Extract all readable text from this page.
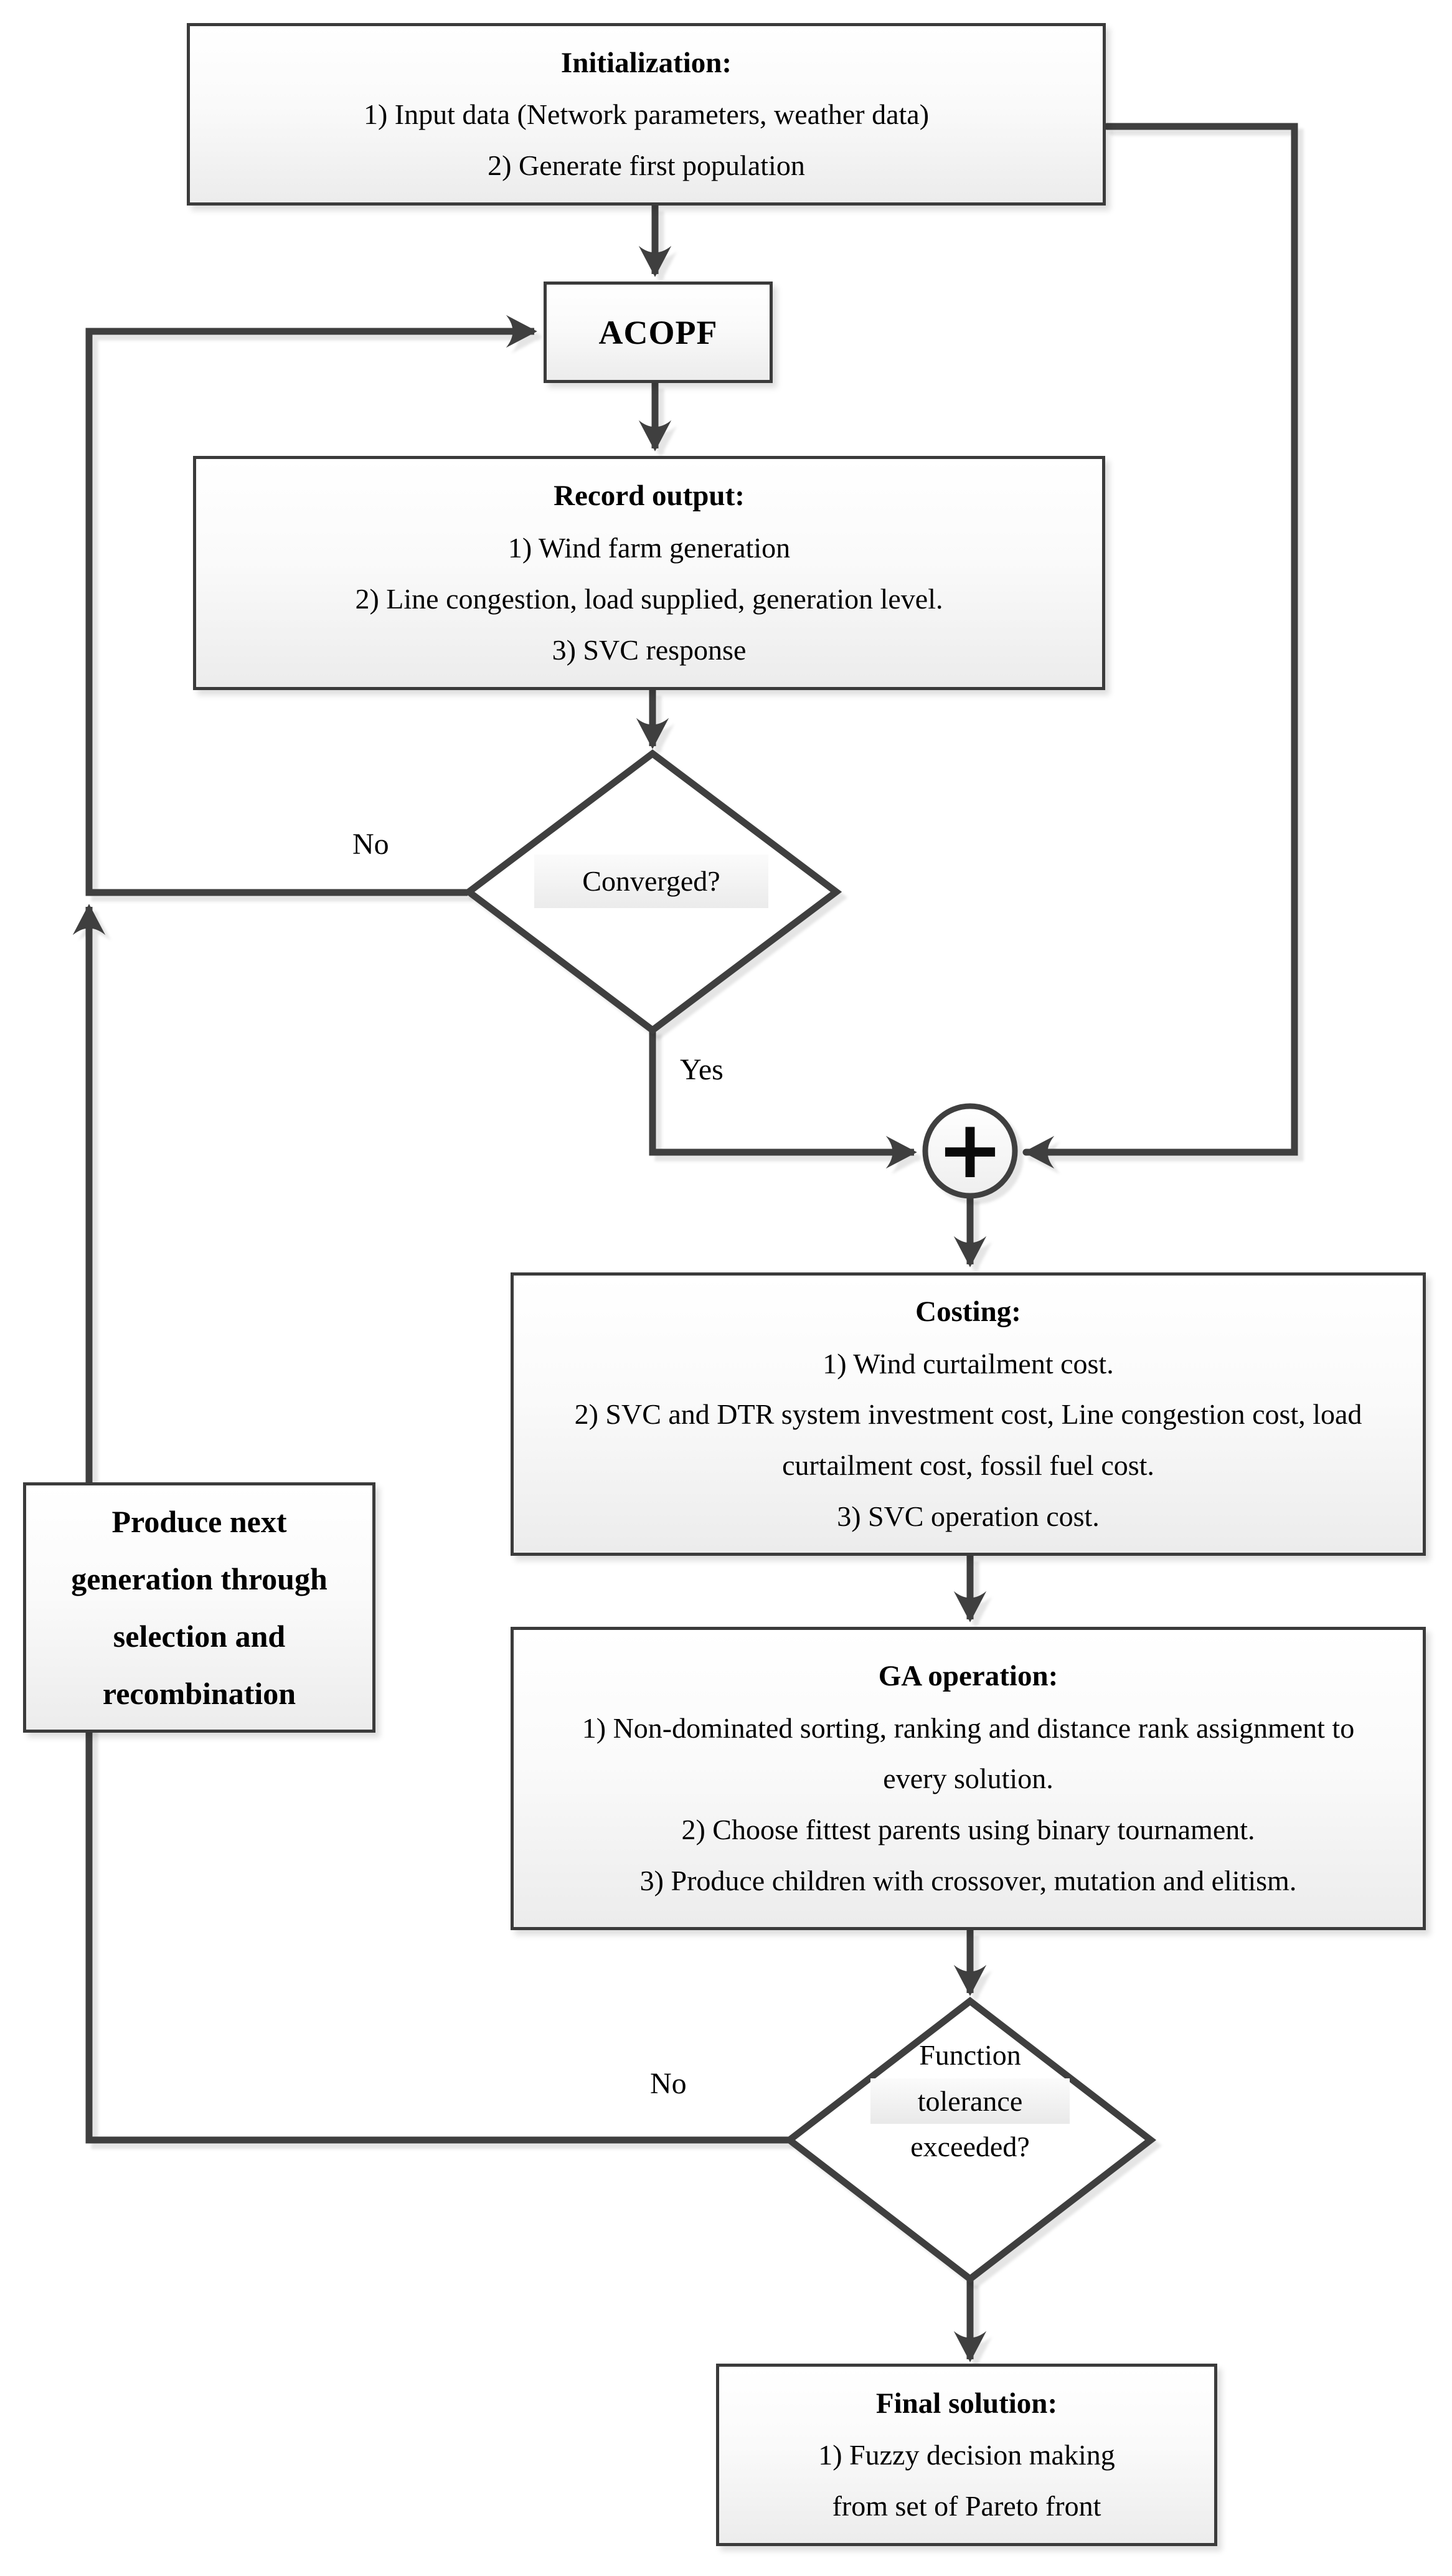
Initialization:
1) Input data (Network parameters, weather data)
2) Generate first population
ACOPF
Record output:
1) Wind farm generation
2) Line congestion, load supplied, generation level.
3) SVC response
Costing:
1) Wind curtailment cost.
2) SVC and DTR system investment cost, Line congestion cost, load curtailment cost, fossil fuel cost.
3) SVC operation cost.
GA operation:
1) Non-dominated sorting, ranking and distance rank assignment to every solution.
2) Choose fittest parents using binary tournament.
3) Produce children with crossover, mutation and elitism.
Produce next
generation through
selection and
recombination
Final solution:
1) Fuzzy decision making
from set of Pareto front
Converged?
Function
tolerance
exceeded?
No
Yes
No
+
